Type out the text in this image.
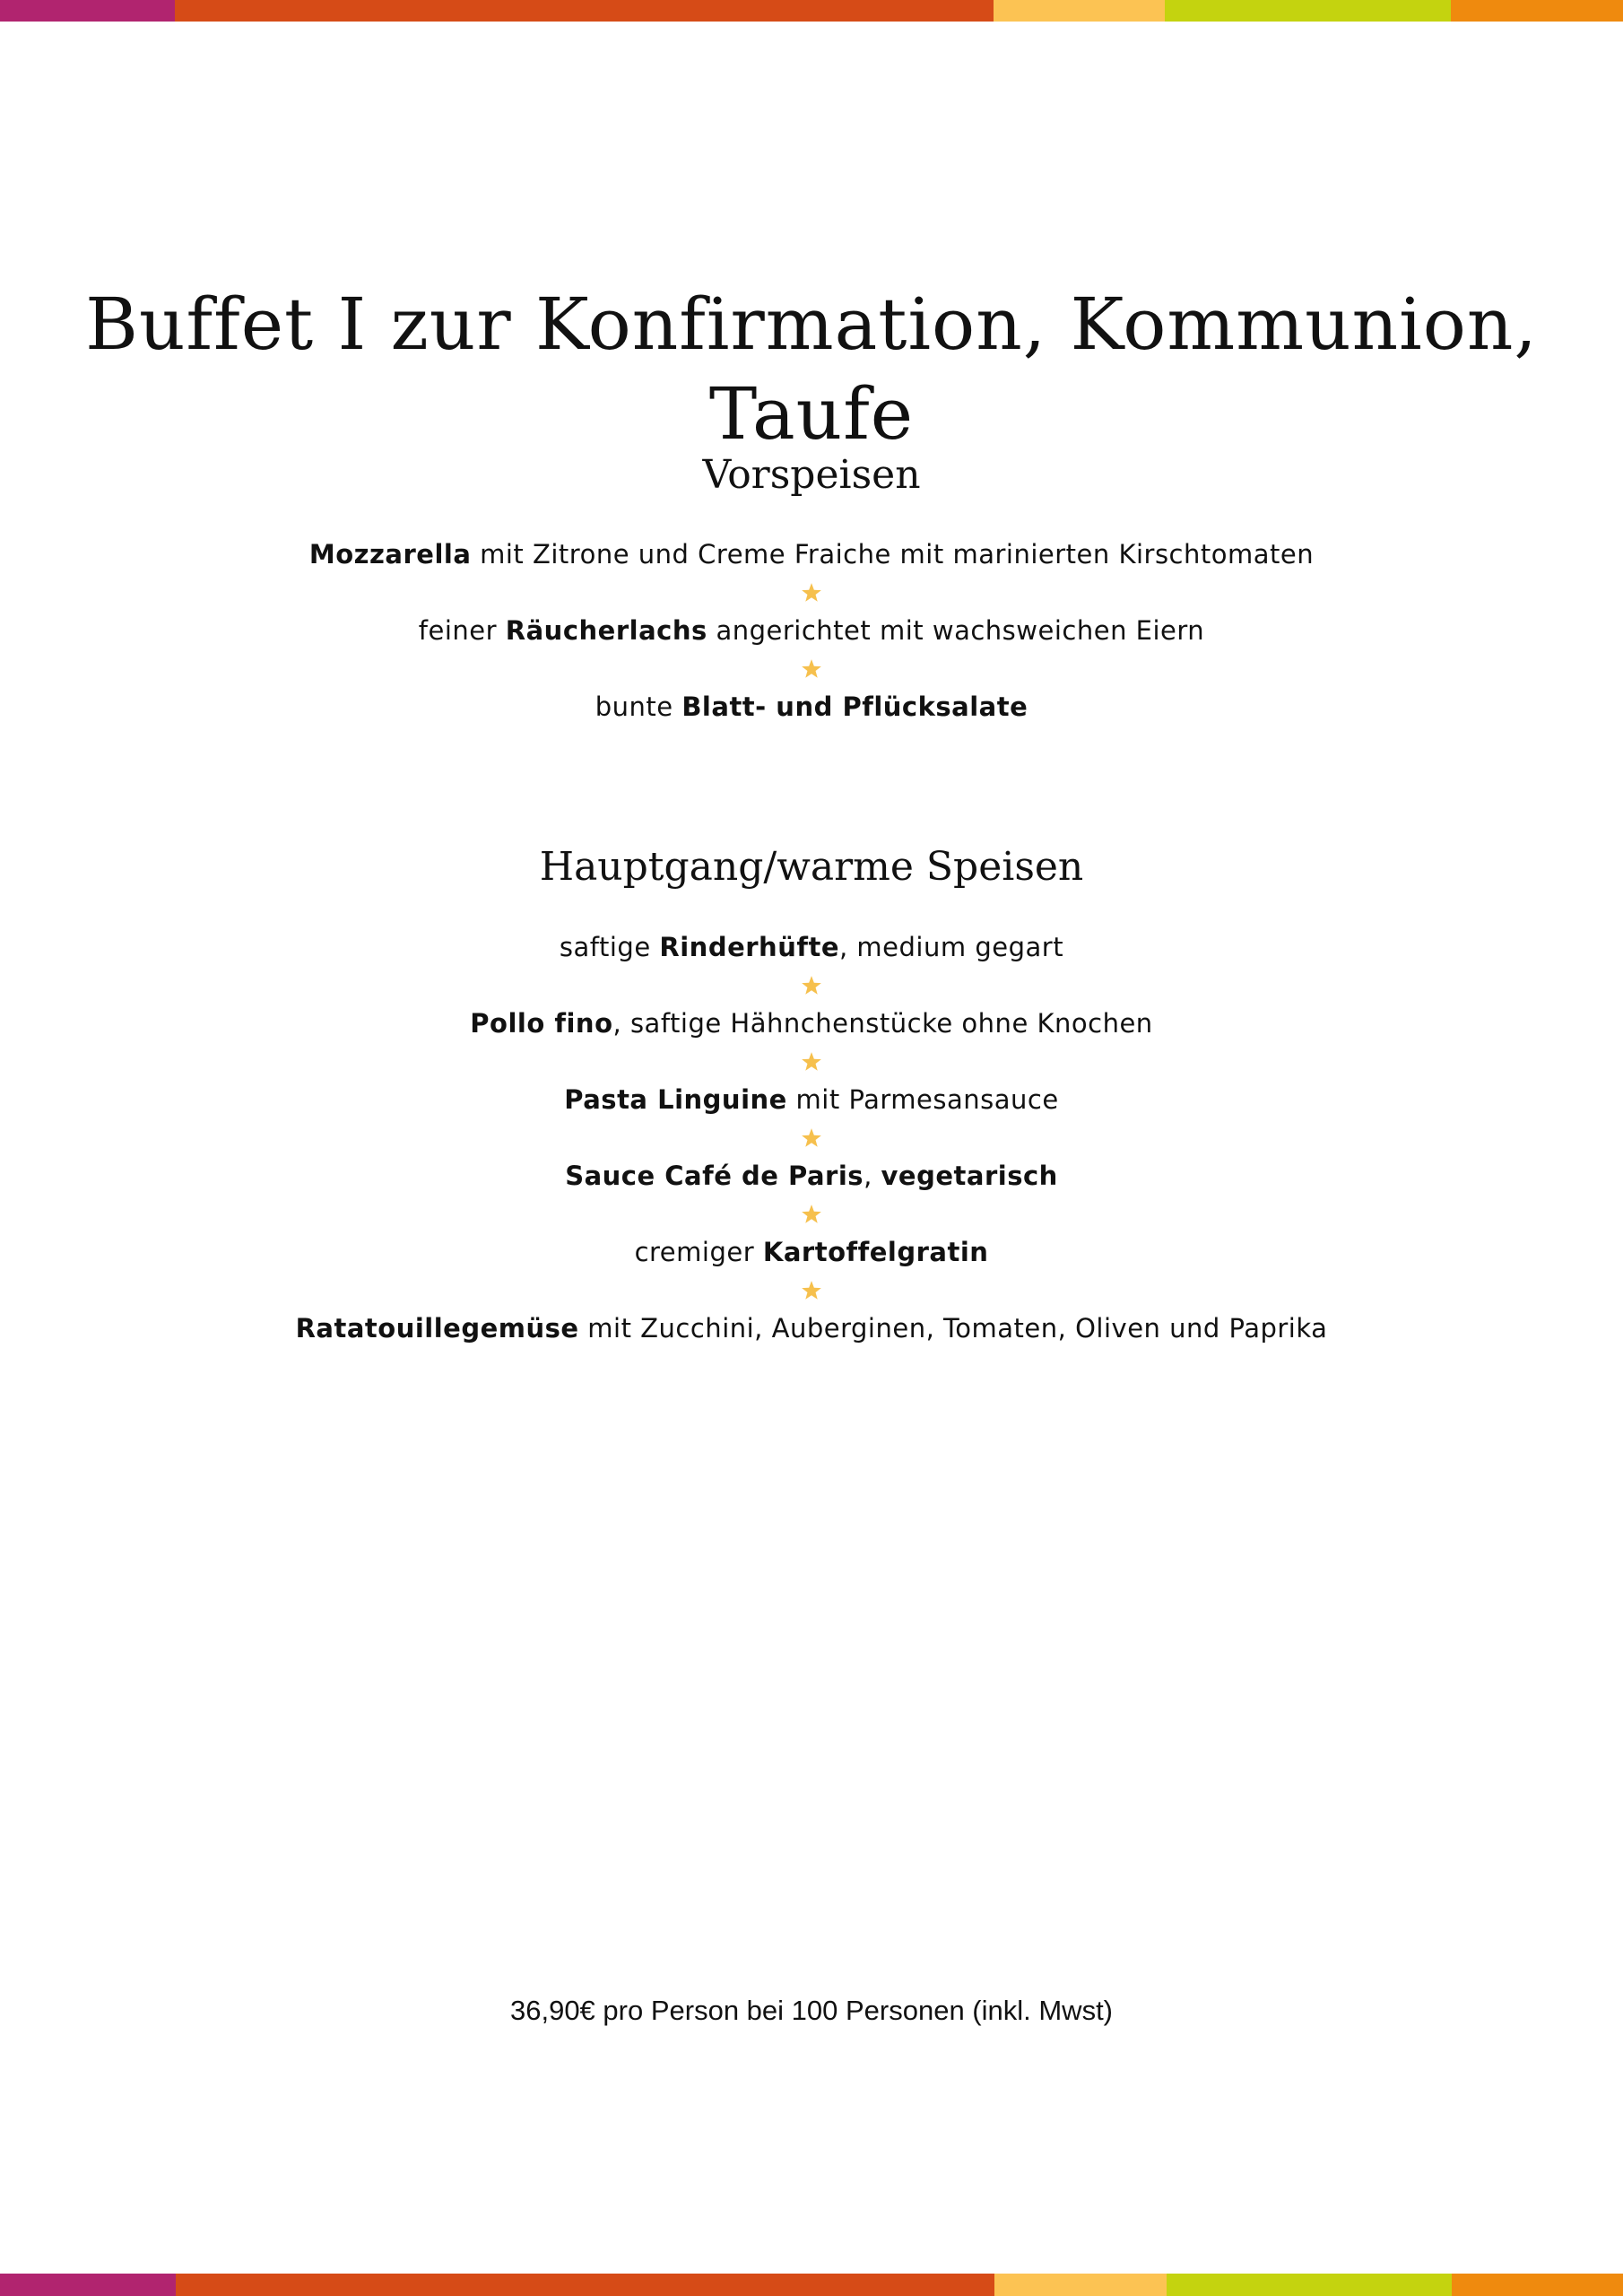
Buffet I zur Konfirmation, Kommunion, Taufe
Vorspeisen
Mozzarella mit Zitrone und Creme Fraiche mit marinierten Kirschtomaten
feiner Räucherlachs angerichtet mit wachsweichen Eiern
bunte Blatt- und Pflücksalate
Hauptgang/warme Speisen
saftige Rinderhüfte, medium gegart
Pollo fino, saftige Hähnchenstücke ohne Knochen
Pasta Linguine mit Parmesansauce
Sauce Café de Paris, vegetarisch
cremiger Kartoffelgratin
Ratatouillegemüse mit Zucchini, Auberginen, Tomaten, Oliven und Paprika
36,90€ pro Person bei 100 Personen (inkl. Mwst)
